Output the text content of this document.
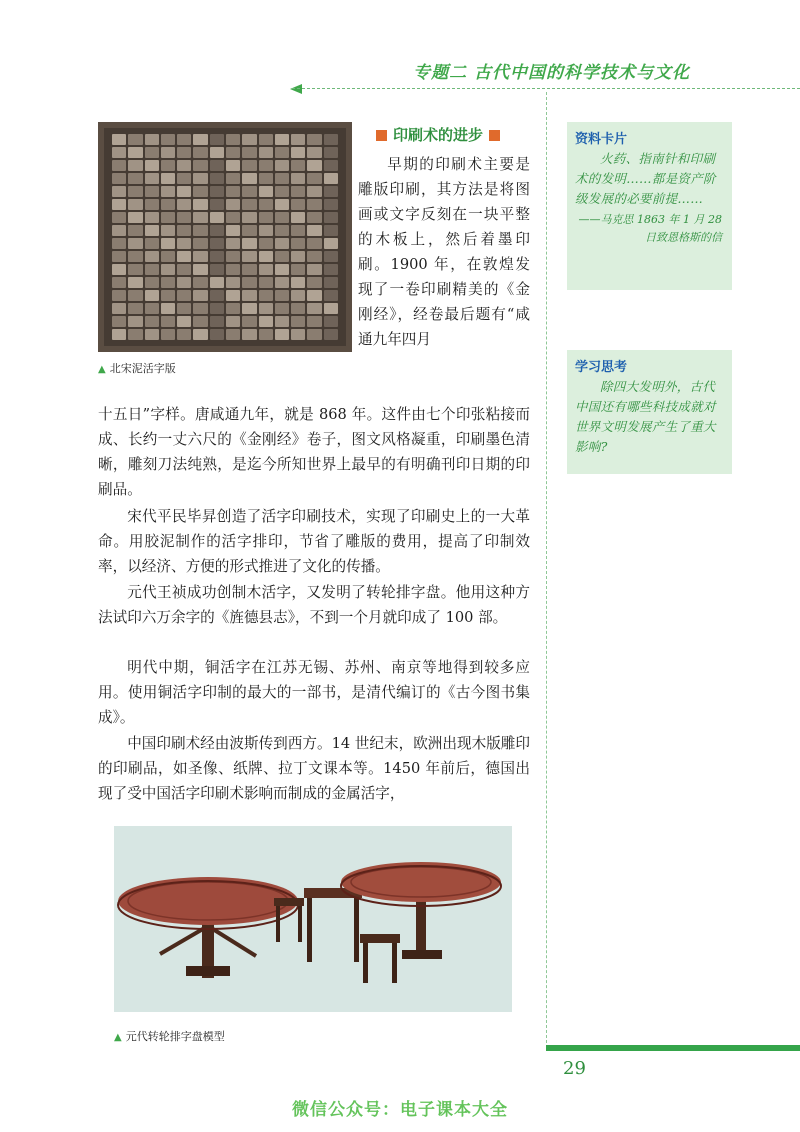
专题二 古代中国的科学技术与文化
▲ 北宋泥活字版
印刷术的进步
早期的印刷术主要是雕版印刷，其方法是将图画或文字反刻在一块平整的木板上，然后着墨印刷。1900 年，在敦煌发现了一卷印刷精美的《金刚经》，经卷最后题有“咸通九年四月
十五日”字样。唐咸通九年，就是 868 年。这件由七个印张粘接而成、长约一丈六尺的《金刚经》卷子，图文风格凝重，印刷墨色清晰，雕刻刀法纯熟，是迄今所知世界上最早的有明确刊印日期的印刷品。
宋代平民毕昇创造了活字印刷技术，实现了印刷史上的一大革命。用胶泥制作的活字排印，节省了雕版的费用，提高了印制效率，以经济、方便的形式推进了文化的传播。
元代王祯成功创制木活字，又发明了转轮排字盘。他用这种方法试印六万余字的《旌德县志》，不到一个月就印成了 100 部。
明代中期，铜活字在江苏无锡、苏州、南京等地得到较多应用。使用铜活字印制的最大的一部书，是清代编订的《古今图书集成》。
中国印刷术经由波斯传到西方。14 世纪末，欧洲出现木版雕印的印刷品，如圣像、纸牌、拉丁文课本等。1450 年前后，德国出现了受中国活字印刷术影响而制成的金属活字，
▲ 元代转轮排字盘模型
资料卡片
火药、指南针和印刷术的发明……都是资产阶级发展的必要前提……
——马克思 1863 年 1 月 28 日致恩格斯的信
学习思考
除四大发明外，古代中国还有哪些科技成就对世界文明发展产生了重大影响?
29
微信公众号：电子课本大全
